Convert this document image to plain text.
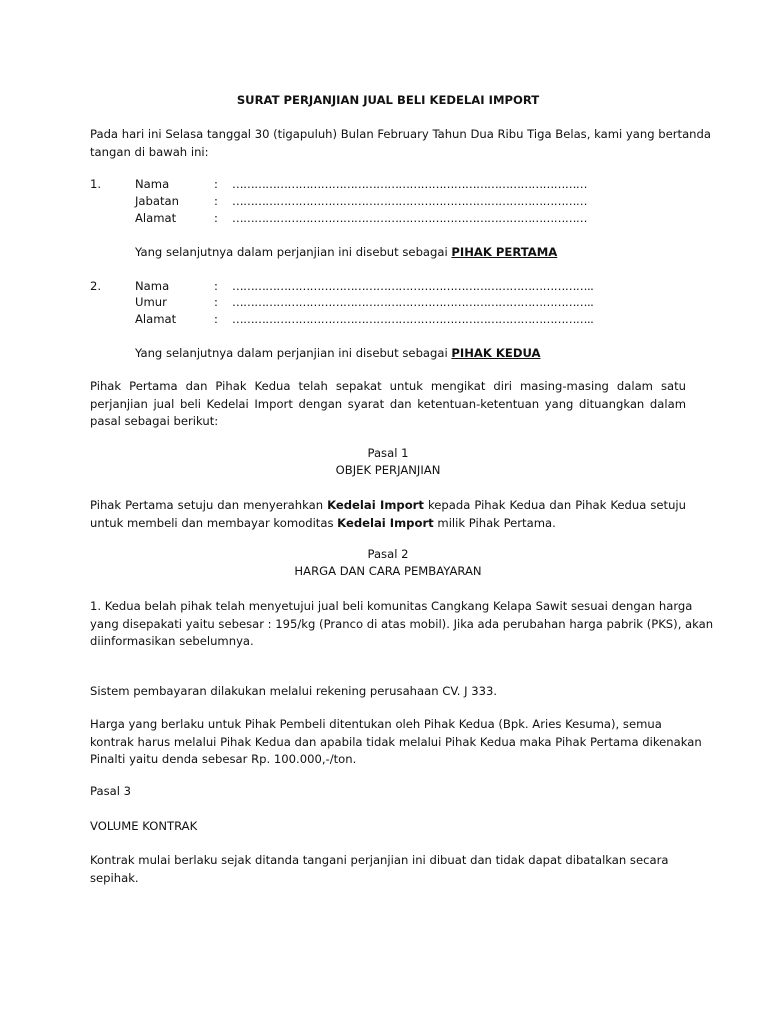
SURAT PERJANJIAN JUAL BELI KEDELAI IMPORT
Pada hari ini Selasa tanggal 30 (tigapuluh) Bulan February Tahun Dua Ribu Tiga Belas, kami yang bertanda
tangan di bawah ini:
1.	Nama	: ……………………………………………………………………………………
Jabatan	: ……………………………………………………………………………………
Alamat	: ……………………………………………………………………………………
Yang selanjutnya dalam perjanjian ini disebut sebagai PIHAK PERTAMA
2.	Nama	: ……………………………………………………………………………………..
Umur	: ……………………………………………………………………………………..
Alamat	: ……………………………………………………………………………………..
Yang selanjutnya dalam perjanjian ini disebut sebagai PIHAK KEDUA
Pihak Pertama dan Pihak Kedua telah sepakat untuk mengikat diri masing-masing dalam satu
perjanjian jual beli Kedelai Import dengan syarat dan ketentuan-ketentuan yang dituangkan dalam
pasal sebagai berikut:
Pasal 1
OBJEK PERJANJIAN
Pihak Pertama setuju dan menyerahkan Kedelai Import kepada Pihak Kedua dan Pihak Kedua setuju
untuk membeli dan membayar komoditas Kedelai Import milik Pihak Pertama.
Pasal 2
HARGA DAN CARA PEMBAYARAN
1. Kedua belah pihak telah menyetujui jual beli komunitas Cangkang Kelapa Sawit sesuai dengan harga
yang disepakati yaitu sebesar : 195/kg (Pranco di atas mobil). Jika ada perubahan harga pabrik (PKS), akan
diinformasikan sebelumnya.
Sistem pembayaran dilakukan melalui rekening perusahaan CV. J 333.
Harga yang berlaku untuk Pihak Pembeli ditentukan oleh Pihak Kedua (Bpk. Aries Kesuma), semua
kontrak harus melalui Pihak Kedua dan apabila tidak melalui Pihak Kedua maka Pihak Pertama dikenakan
Pinalti yaitu denda sebesar Rp. 100.000,-/ton.
Pasal 3
VOLUME KONTRAK
Kontrak mulai berlaku sejak ditanda tangani perjanjian ini dibuat dan tidak dapat dibatalkan secara
sepihak.
